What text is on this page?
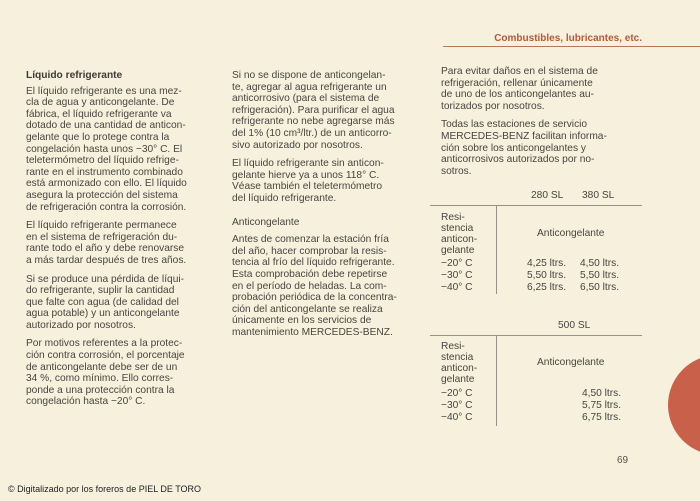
Combustibles, lubricantes, etc.

Líquido refrigerante

El líquido refrigerante es una mez-
cla de agua y anticongelante. De
fábrica, el líquido refrigerante va
dotado de una cantidad de anticon-
gelante que lo protege contra la
congelación hasta unos −30° C. El
teletermómetro del líquido refrige-
rante en el instrumento combinado
está armonizado con ello. El líquido
asegura la protección del sistema
de refrigeración contra la corrosión.

El líquido refrigerante permanece
en el sistema de refrigeración du-
rante todo el año y debe renovarse
a más tardar después de tres años.

Si se produce una pérdida de líqui-
do refrigerante, suplir la cantidad
que falte con agua (de calidad del
agua potable) y un anticongelante
autorizado por nosotros.

Por motivos referentes a la protec-
ción contra corrosión, el porcentaje
de anticongelante debe ser de un
34 %, como mínimo. Ello corres-
ponde a una protección contra la
congelación hasta −20° C.

Si no se dispone de anticongelan-
te, agregar al agua refrigerante un
anticorrosivo (para el sistema de
refrigeración). Para purificar el agua
refrigerante no nebe agregarse más
del 1% (10 cm³/ltr.) de un anticorro-
sivo autorizado por nosotros.

El líquido refrigerante sin anticon-
gelante hierve ya a unos 118° C.
Véase también el teletermómetro
del líquido refrigerante.

Anticongelante

Antes de comenzar la estación fría
del año, hacer comprobar la resis-
tencia al frío del líquido refrigerante.
Esta comprobación debe repetirse
en el período de heladas. La com-
probación periódica de la concentra-
ción del anticongelante se realiza
únicamente en los servicios de
mantenimiento MERCEDES-BENZ.

Para evitar daños en el sistema de
refrigeración, rellenar únicamente
de uno de los anticongelantes au-
torizados por nosotros.

Todas las estaciones de servicio
MERCEDES-BENZ facilitan informa-
ción sobre los anticongelantes y
anticorrosivos autorizados por no-
sotros.

280 SL 380 SL
Resi-
stencia
anticon-
gelante
Anticongelante
−20° C	4,25 ltrs. 4,50 ltrs.
−30° C	5,50 ltrs. 5,50 ltrs.
−40° C	6,25 ltrs. 6,50 ltrs.
500 SL
Resi-
stencia
anticon-
gelante
Anticongelante
−20° C	4,50 ltrs.
−30° C	5,75 ltrs.
−40° C	6,75 ltrs.
69
© Digitalizado por los foreros de PIEL DE TORO
